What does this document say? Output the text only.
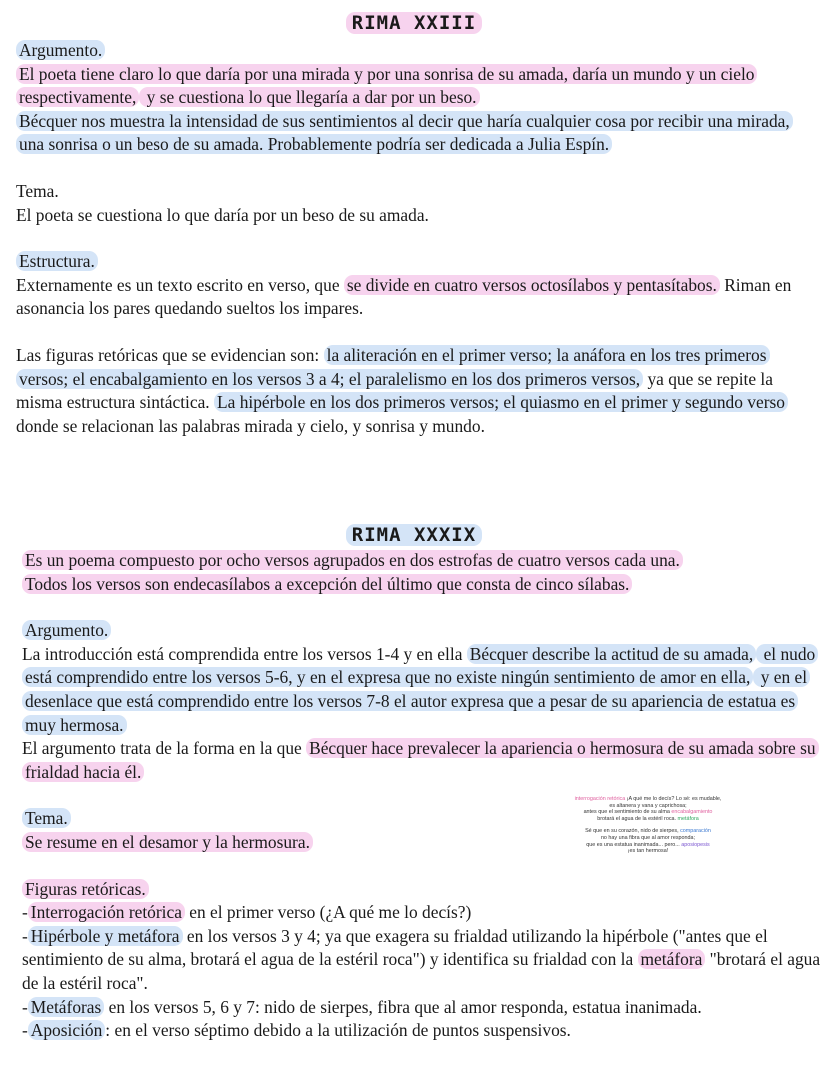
RIMA XXIII

Argumento.

El poeta tiene claro lo que daría por una mirada y por una sonrisa de su amada, daría un mundo y un cielo respectivamente, y se cuestiona lo que llegaría a dar por un beso.

Bécquer nos muestra la intensidad de sus sentimientos al decir que haría cualquier cosa por recibir una mirada, una sonrisa o un beso de su amada. Probablemente podría ser dedicada a Julia Espín.

Tema.

El poeta se cuestiona lo que daría por un beso de su amada.

Estructura.

Externamente es un texto escrito en verso, que se divide en cuatro versos octosílabos y pentasítabos. Riman en asonancia los pares quedando sueltos los impares.

Las figuras retóricas que se evidencian son: la aliteración en el primer verso; la anáfora en los tres primeros versos; el encabalgamiento en los versos 3 a 4; el paralelismo en los dos primeros versos, ya que se repite la misma estructura sintáctica. La hipérbole en los dos primeros versos; el quiasmo en el primer y segundo verso donde se relacionan las palabras mirada y cielo, y sonrisa y mundo.

RIMA XXXIX

Es un poema compuesto por ocho versos agrupados en dos estrofas de cuatro versos cada una.

Todos los versos son endecasílabos a excepción del último que consta de cinco sílabas.

Argumento.

La introducción está comprendida entre los versos 1-4 y en ella Bécquer describe la actitud de su amada, el nudo está comprendido entre los versos 5-6, y en el expresa que no existe ningún sentimiento de amor en ella, y en el desenlace que está comprendido entre los versos 7-8 el autor expresa que a pesar de su apariencia de estatua es muy hermosa.

El argumento trata de la forma en la que Bécquer hace prevalecer la apariencia o hermosura de su amada sobre su frialdad hacia él.

Tema.

Se resume en el desamor y la hermosura.

Figuras retóricas.

- Interrogación retórica en el primer verso (¿A qué me lo decís?)

- Hipérbole y metáfora en los versos 3 y 4; ya que exagera su frialdad utilizando la hipérbole ("antes que el sentimiento de su alma, brotará el agua de la estéril roca") y identifica su frialdad con la metáfora "brotará el agua de la estéril roca".

- Metáforas en los versos 5, 6 y 7: nido de sierpes, fibra que al amor responda, estatua inanimada.

- Aposición : en el verso séptimo debido a la utilización de puntos suspensivos.

interrogación retórica ¡A qué me lo decís? Lo sé: es mudable,
es altanera y vana y caprichosa;
antes que el sentimiento de su alma encabalgamiento
brotará el agua de la estéril roca. metáfora
Sé que en su corazón, nido de sierpes, comparación
no hay una fibra que al amor responda;
que es una estatua inanimada... pero... aposiopesis
¡es tan hermosa!
